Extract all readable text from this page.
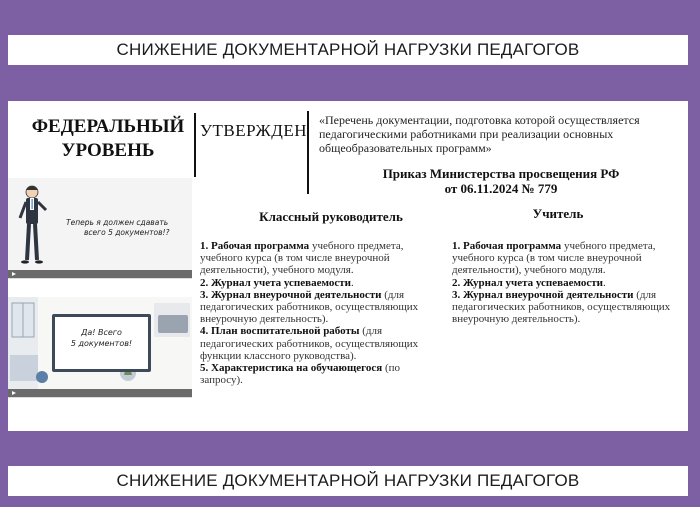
СНИЖЕНИЕ ДОКУМЕНТАРНОЙ НАГРУЗКИ ПЕДАГОГОВ
ФЕДЕРАЛЬНЫЙ
УРОВЕНЬ
УТВЕРЖДЕН
«Перечень документации, подготовка которой осуществляется педагогическими работниками при реализации основных общеобразовательных программ»
Приказ Министерства просвещения РФ
от 06.11.2024 № 779
Теперь я должен сдавать
всего 5 документов!?
Да! Всего
5 документов!
Классный руководитель
1. Рабочая программа учебного предмета, учебного курса (в том числе внеурочной деятельности), учебного модуля.
2. Журнал учета успеваемости.
3. Журнал внеурочной деятельности (для педагогических работников, осуществляющих внеурочную деятельность).
4. План воспитательной работы (для педагогических работников, осуществляющих функции классного руководства).
5. Характеристика на обучающегося (по запросу).
Учитель
1. Рабочая программа учебного предмета, учебного курса (в том числе внеурочной деятельности), учебного модуля.
2. Журнал учета успеваемости.
3. Журнал внеурочной деятельности (для педагогических работников, осуществляющих внеурочную деятельность).
СНИЖЕНИЕ ДОКУМЕНТАРНОЙ НАГРУЗКИ ПЕДАГОГОВ
